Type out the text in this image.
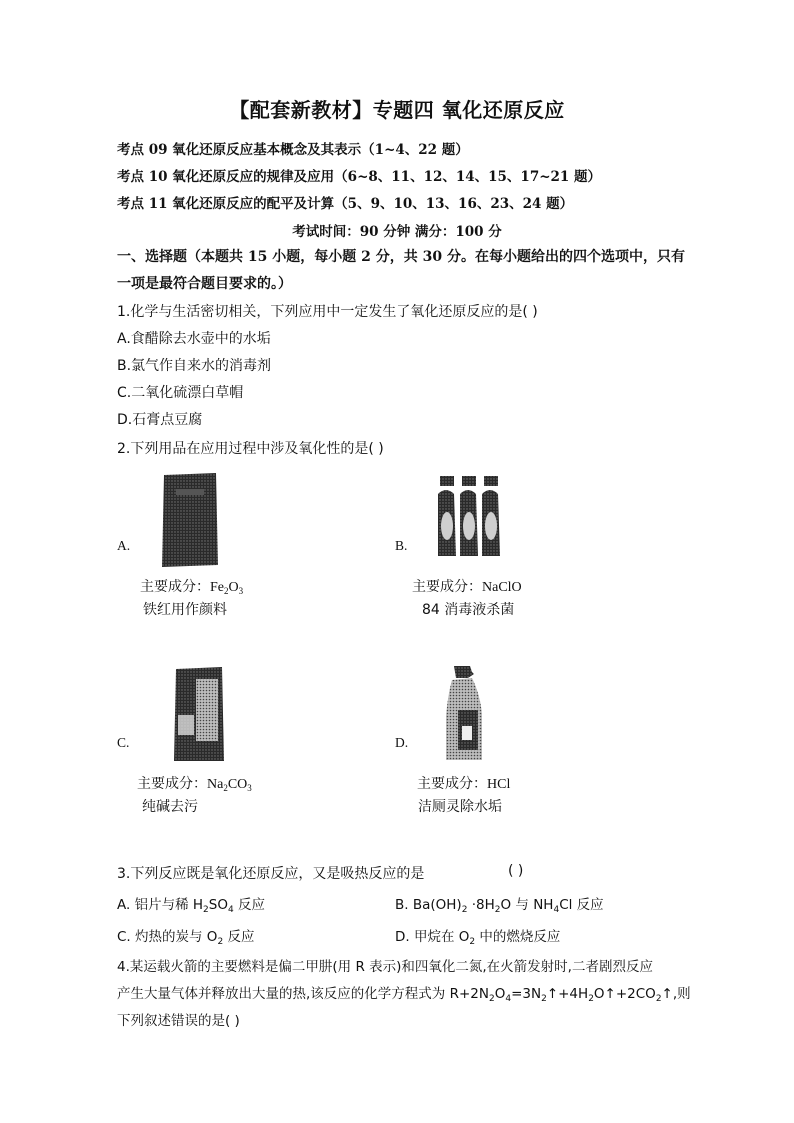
【配套新教材】专题四 氧化还原反应
考点 09 氧化还原反应基本概念及其表示（1~4、22 题）
考点 10 氧化还原反应的规律及应用（6~8、11、12、14、15、17~21 题）
考点 11 氧化还原反应的配平及计算（5、9、10、13、16、23、24 题）
考试时间：90 分钟 满分：100 分
一、选择题（本题共 15 小题，每小题 2 分，共 30 分。在每小题给出的四个选项中，只有
一项是最符合题目要求的。）
1.化学与生活密切相关，下列应用中一定发生了氧化还原反应的是( )
A.食醋除去水壶中的水垢
B.氯气作自来水的消毒剂
C.二氧化硫漂白草帽
D.石膏点豆腐
2.下列用品在应用过程中涉及氧化性的是( )
A.
主要成分：$Fe_2O_3$
铁红用作颜料
B.
主要成分：NaClO
84 消毒液杀菌
C.
主要成分：$Na_2CO_3$
纯碱去污
D.
主要成分：HCl
洁厕灵除水垢
3.下列反应既是氧化还原反应，又是吸热反应的是	( )
A. 铝片与稀 $H_2SO_4$ 反应	B. $Ba(OH)_2 \cdot 8H_2O$ 与 $NH_4Cl$ 反应
C. 灼热的炭与 $O_2$ 反应	D. 甲烷在 $O_2$ 中的燃烧反应
4.某运载火箭的主要燃料是偏二甲肼(用 R 表示)和四氧化二氮,在火箭发射时,二者剧烈反应
产生大量气体并释放出大量的热,该反应的化学方程式为 $R+2N_2O_4=3N_2↑+4H_2O↑+2CO_2↑$,则
下列叙述错误的是( )
